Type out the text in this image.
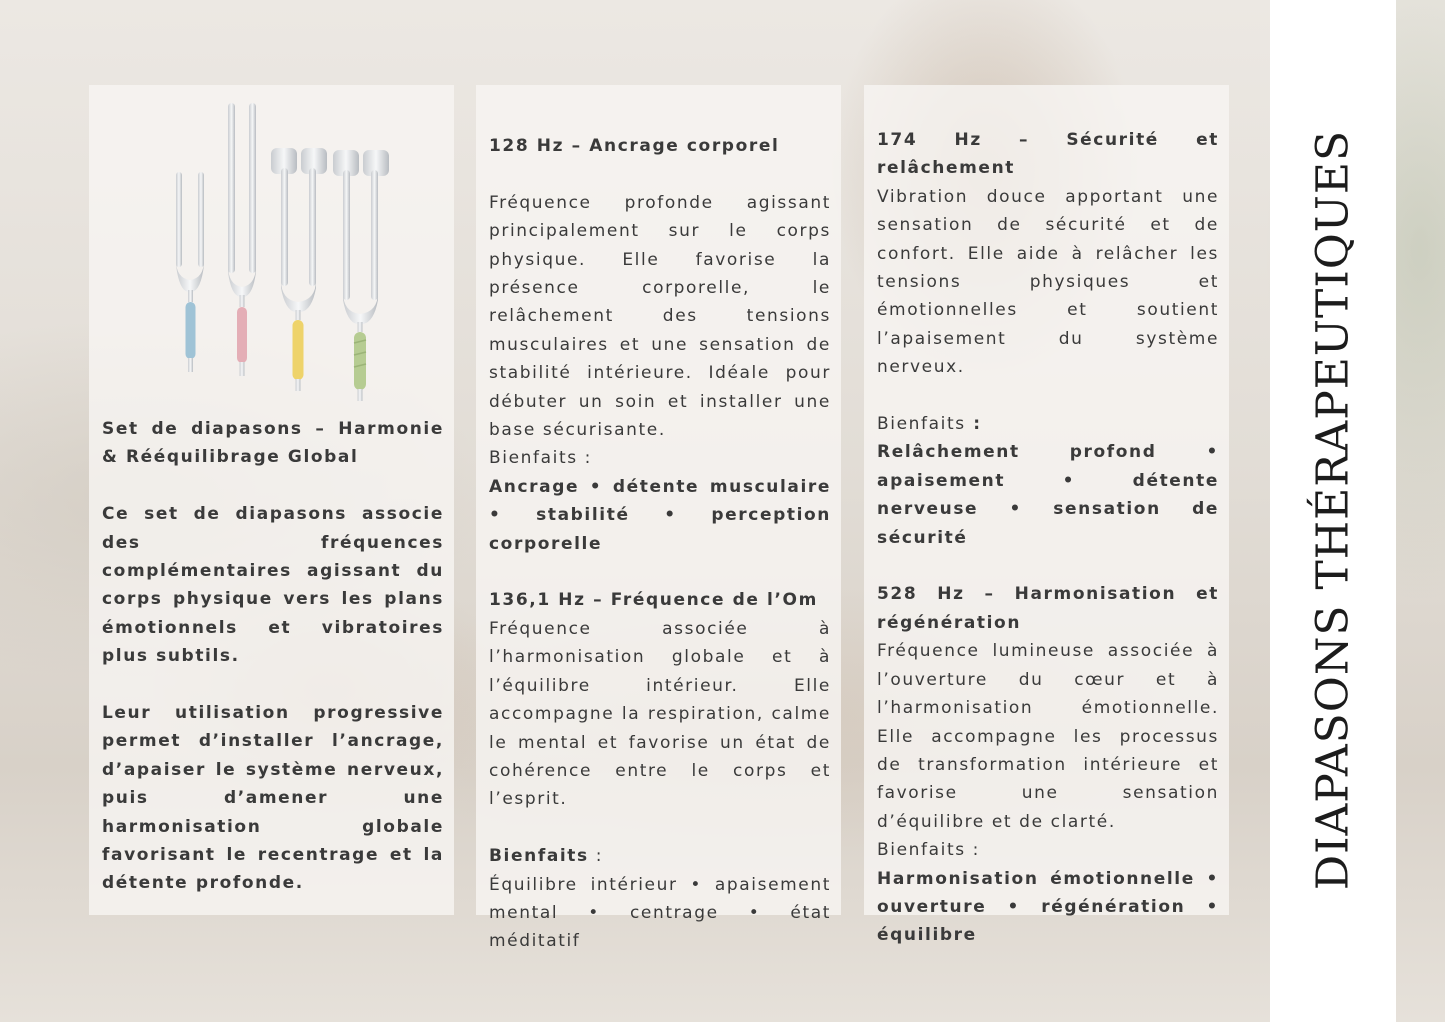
Set de diapasons – Harmonie & Rééquilibrage Global
Ce set de diapasons associe des fréquences complémentaires agissant du corps physique vers les plans émotionnels et vibratoires plus subtils.
Leur utilisation progressive permet d’installer l’ancrage, d’apaiser le système nerveux, puis d’amener une harmonisation globale favorisant le recentrage et la détente profonde.

128 Hz – Ancrage corporel
Fréquence profonde agissant principalement sur le corps physique. Elle favorise la présence corporelle, le relâchement des tensions musculaires et une sensation de stabilité intérieure. Idéale pour débuter un soin et installer une base sécurisante.
Bienfaits :
Ancrage • détente musculaire • stabilité • perception corporelle
136,1 Hz – Fréquence de l’Om
Fréquence associée à l’harmonisation globale et à l’équilibre intérieur. Elle accompagne la respiration, calme le mental et favorise un état de cohérence entre le corps et l’esprit.
Bienfaits :
Équilibre intérieur • apaisement mental • centrage • état méditatif

174 Hz – Sécurité et relâchement
Vibration douce apportant une sensation de sécurité et de confort. Elle aide à relâcher les tensions physiques et émotionnelles et soutient l’apaisement du système nerveux.
Bienfaits :
Relâchement profond • apaisement • détente nerveuse • sensation de sécurité
528 Hz – Harmonisation et régénération
Fréquence lumineuse associée à l’ouverture du cœur et à l’harmonisation émotionnelle. Elle accompagne les processus de transformation intérieure et favorise une sensation d’équilibre et de clarté.
Bienfaits :
Harmonisation émotionnelle • ouverture • régénération • équilibre

DIAPASONS THÉRAPEUTIQUES
